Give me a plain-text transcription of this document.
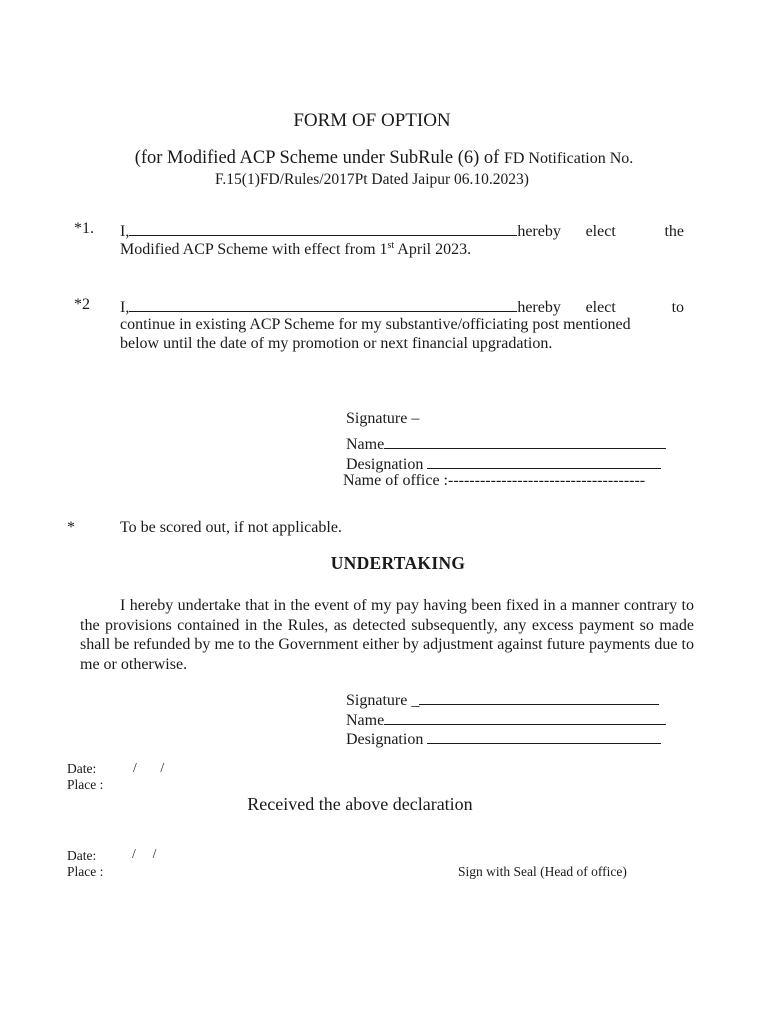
FORM OF OPTION
(for Modified ACP Scheme under SubRule (6) of FD Notification No.
F.15(1)FD/Rules/2017Pt Dated Jaipur 06.10.2023)
*1. I,	hereby	elect	the
Modified ACP Scheme with effect from 1st April 2023.
*2 I,	hereby	elect	to
continue in existing ACP Scheme for my substantive/officiating post mentioned
below until the date of my promotion or next financial upgradation.
Signature –
Name
Designation
Name of office :-------------------------------------
*	To be scored out, if not applicable.
UNDERTAKING

I hereby undertake that in the event of my pay having been fixed in a manner contrary to the provisions contained in the Rules, as detected subsequently, any excess payment so made shall be refunded by me to the Government either by adjustment against future payments due to me or otherwise.

Signature _
Name
Designation
Date:	/       /
Place :
Received the above declaration
Date:	/     /
Place :	Sign with Seal (Head of office)
